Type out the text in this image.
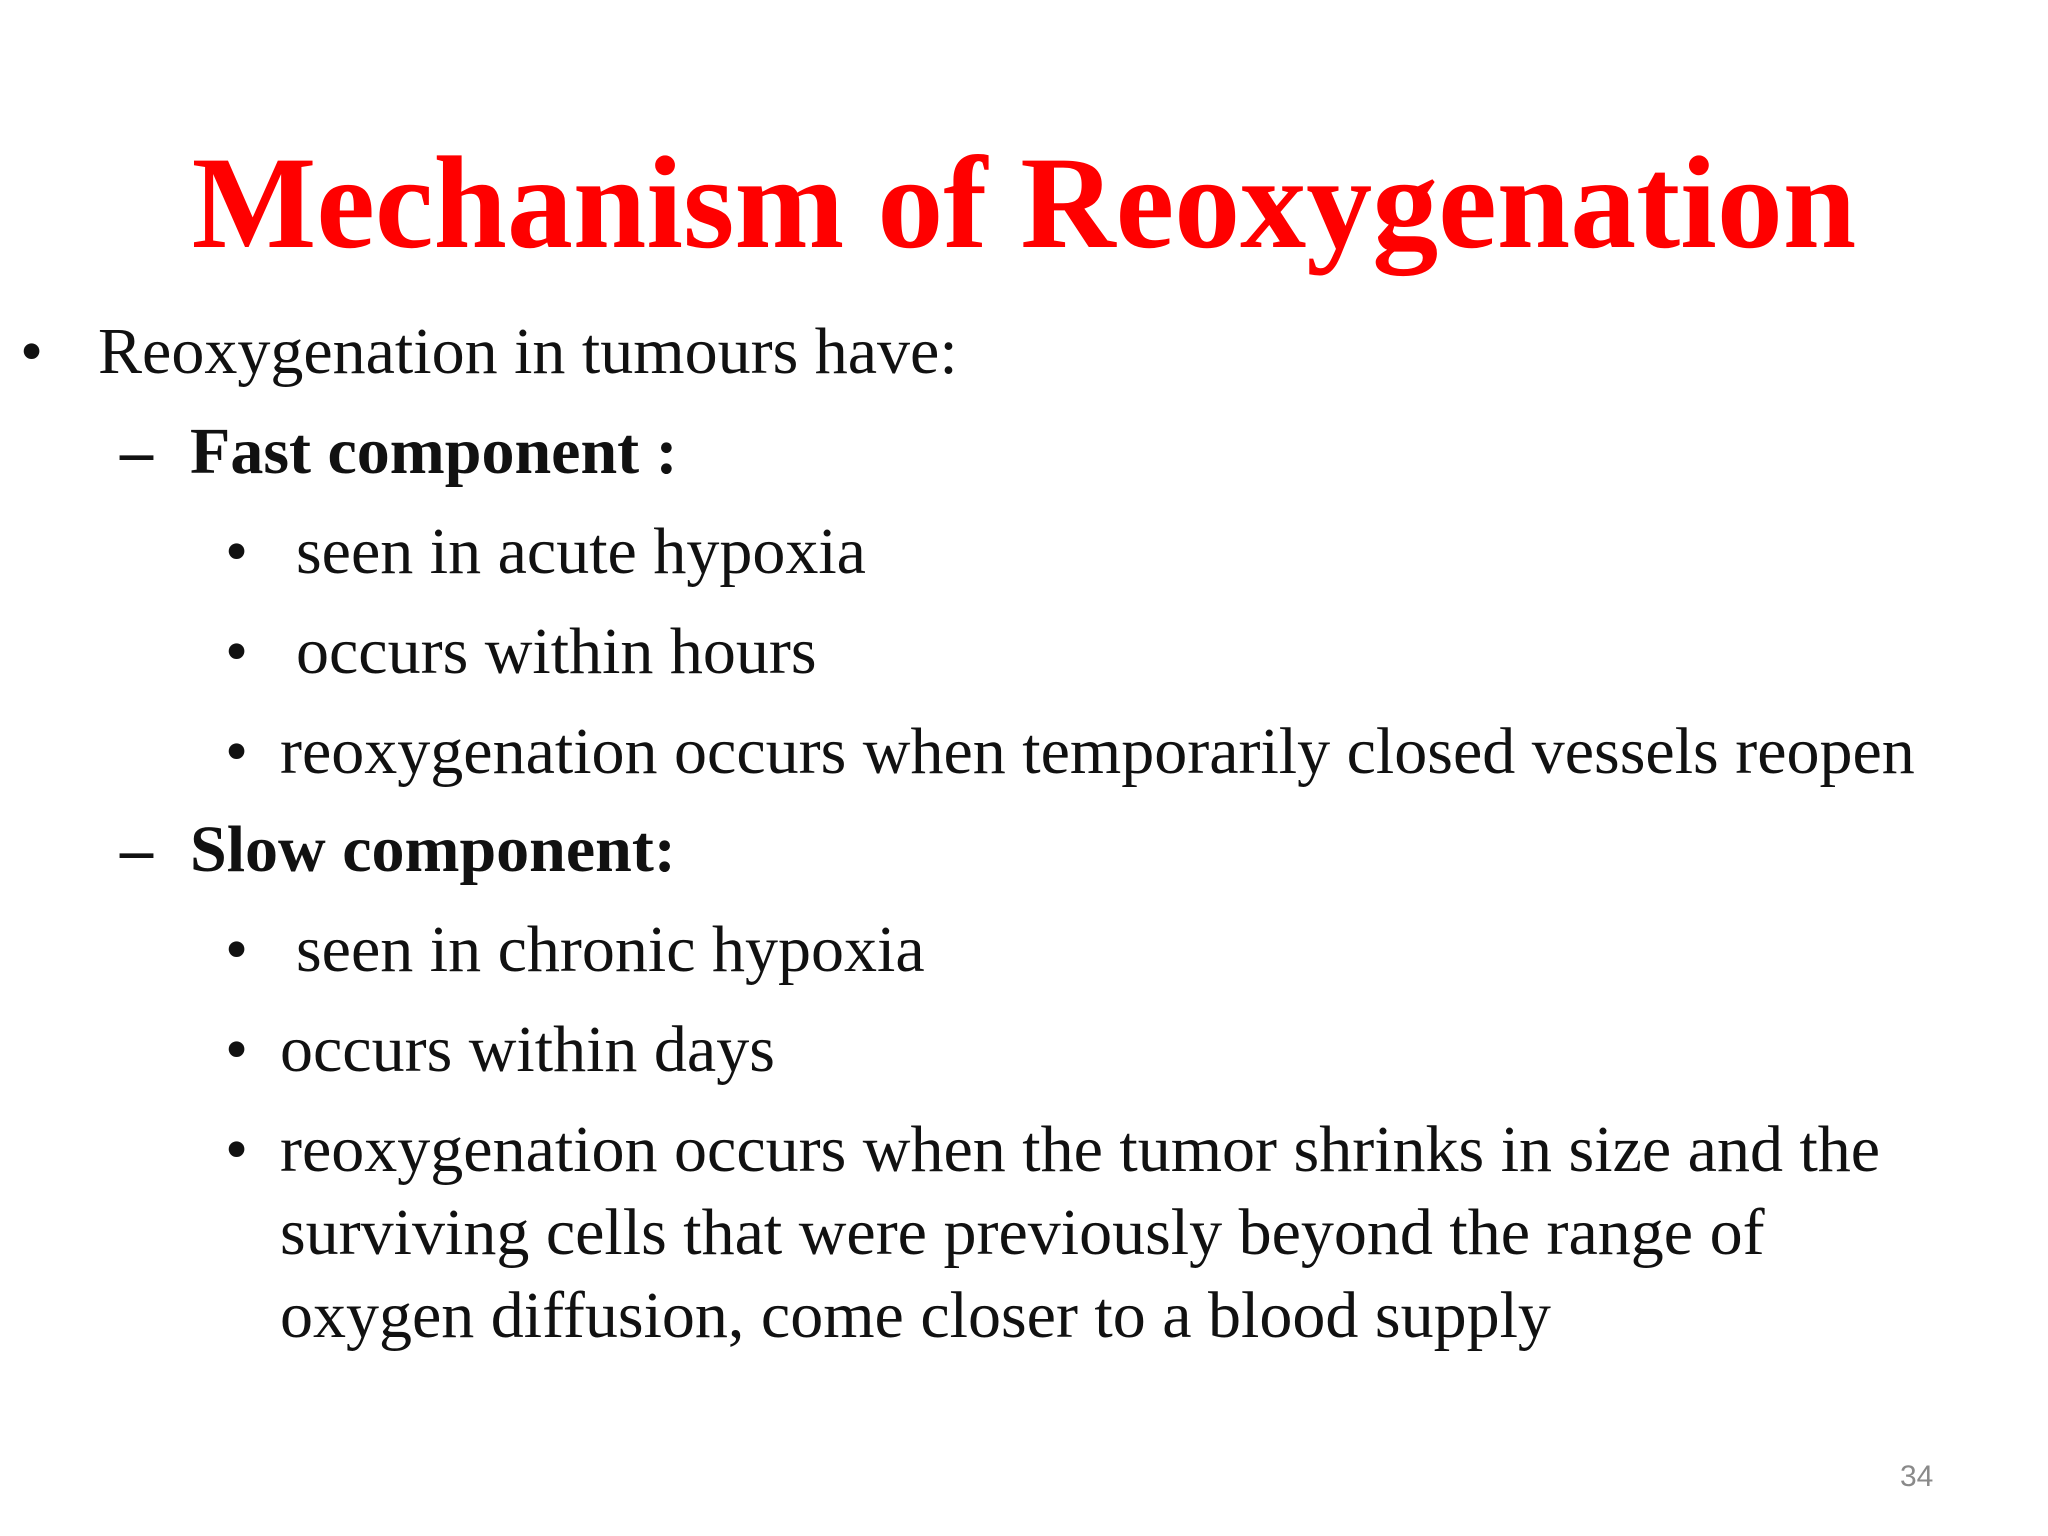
Mechanism of Reoxygenation
• Reoxygenation in tumours have:
– Fast component :
• seen in acute hypoxia
• occurs within hours
• reoxygenation occurs when temporarily closed vessels reopen
– Slow component:
• seen in chronic hypoxia
• occurs within days
• reoxygenation occurs when the tumor shrinks in size and the
surviving cells that were previously beyond the range of
oxygen diffusion, come closer to a blood supply
34
